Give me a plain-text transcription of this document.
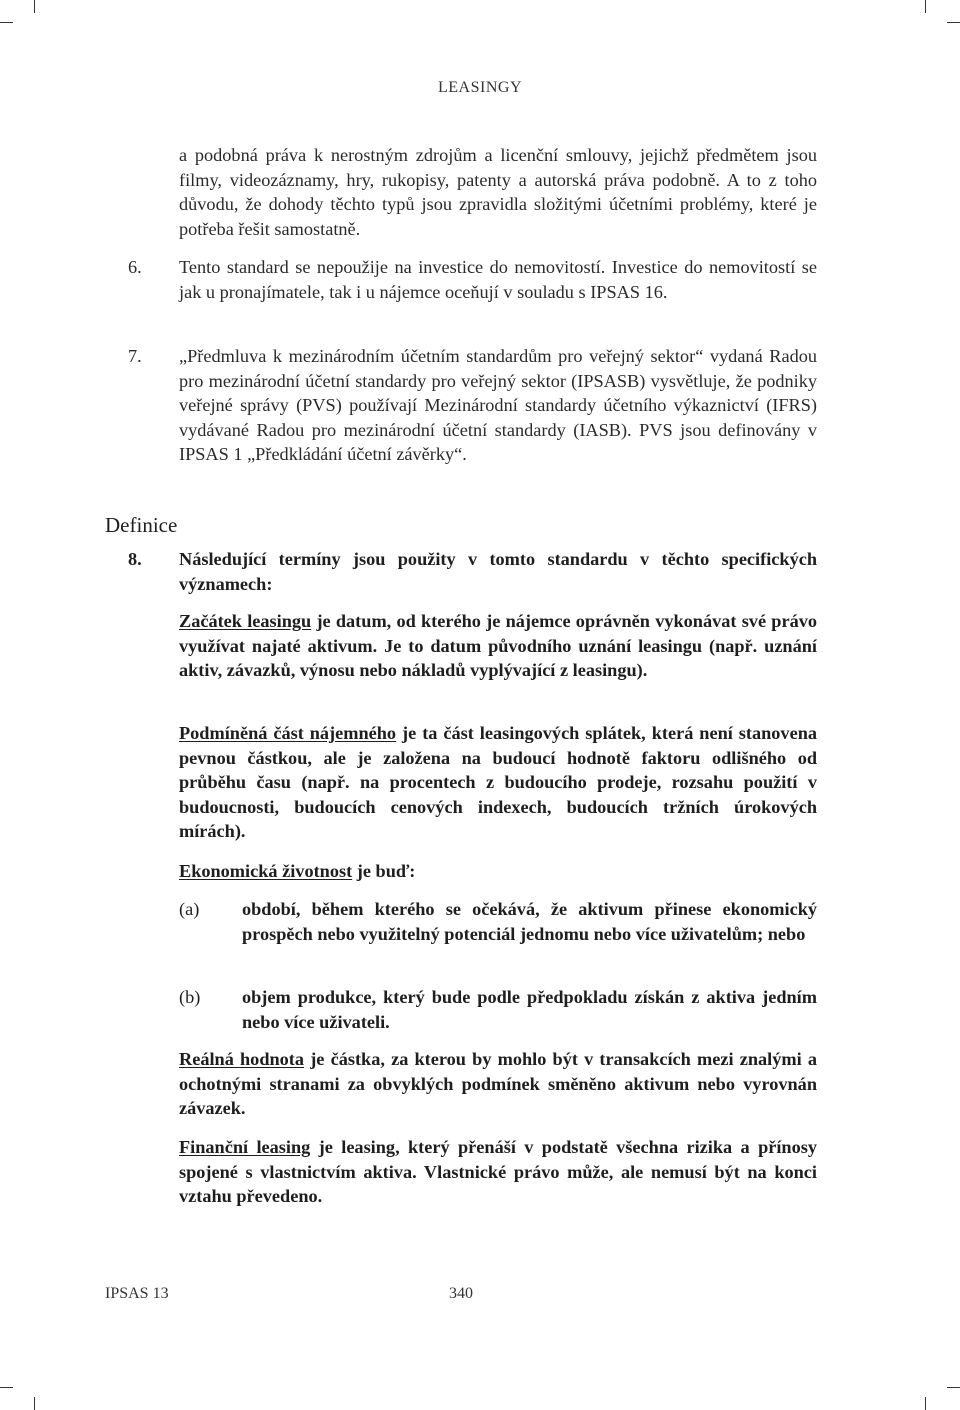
LEASINGY

a podobná práva k nerostným zdrojům a licenční smlouvy, jejichž předmětem jsou filmy, videozáznamy, hry, rukopisy, patenty a autorská práva podobně. A to z toho důvodu, že dohody těchto typů jsou zpravidla složitými účetními problémy, které je potřeba řešit samostatně.

6. Tento standard se nepoužije na investice do nemovitostí. Investice do nemovitostí se jak u pronajímatele, tak i u nájemce oceňují v souladu s IPSAS 16.

7. „Předmluva k mezinárodním účetním standardům pro veřejný sektor“ vydaná Radou pro mezinárodní účetní standardy pro veřejný sektor (IPSASB) vysvětluje, že podniky veřejné správy (PVS) používají Mezinárodní standardy účetního výkaznictví (IFRS) vydávané Radou pro mezinárodní účetní standardy (IASB). PVS jsou definovány v IPSAS 1 „Předkládání účetní závěrky“.

Definice
8. Následující termíny jsou použity v tomto standardu v těchto specifických významech:

Začátek leasingu je datum, od kterého je nájemce oprávněn vykonávat své právo využívat najaté aktivum. Je to datum původního uznání leasingu (např. uznání aktiv, závazků, výnosu nebo nákladů vyplývající z leasingu).

Podmíněná část nájemného je ta část leasingových splátek, která není stanovena pevnou částkou, ale je založena na budoucí hodnotě faktoru odlišného od průběhu času (např. na procentech z budoucího prodeje, rozsahu použití v budoucnosti, budoucích cenových indexech, budoucích tržních úrokových mírách).

Ekonomická životnost je buď:

(a) období, během kterého se očekává, že aktivum přinese ekonomický prospěch nebo využitelný potenciál jednomu nebo více uživatelům; nebo

(b) objem produkce, který bude podle předpokladu získán z aktiva jedním nebo více uživateli.

Reálná hodnota je částka, za kterou by mohlo být v transakcích mezi znalými a ochotnými stranami za obvyklých podmínek směněno aktivum nebo vyrovnán závazek.

Finanční leasing je leasing, který přenáší v podstatě všechna rizika a přínosy spojené s vlastnictvím aktiva. Vlastnické právo může, ale nemusí být na konci vztahu převedeno.

IPSAS 13	340
